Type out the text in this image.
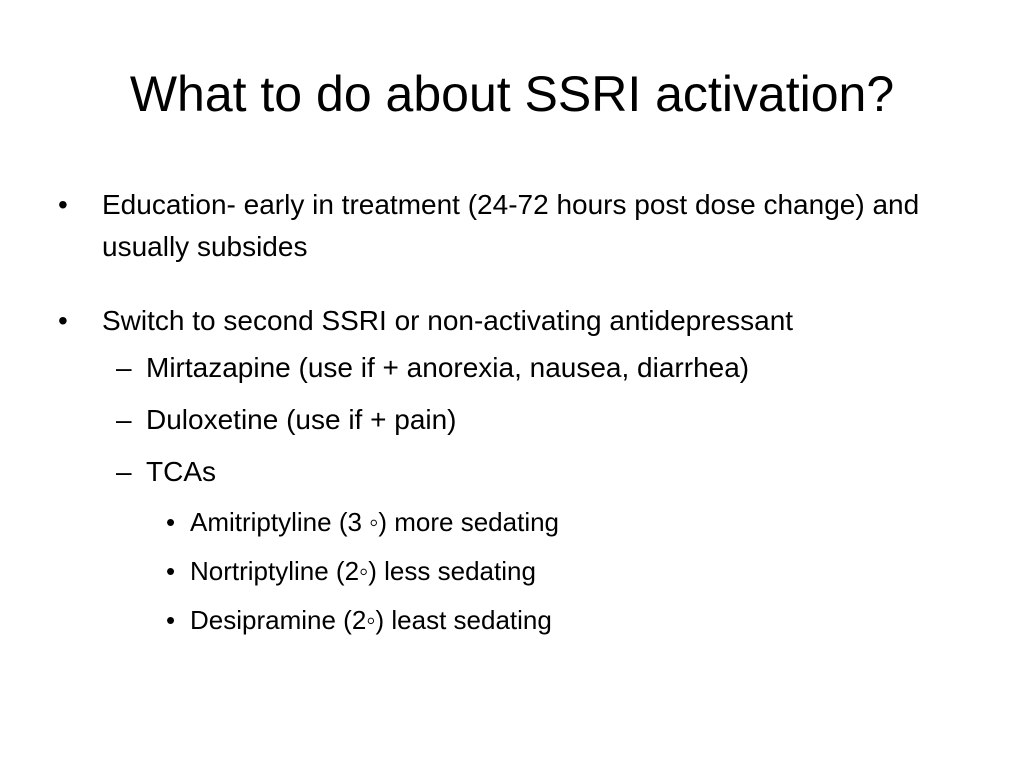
What to do about SSRI activation?
•	Education- early in treatment (24-72 hours post dose change) and usually subsides
•	Switch to second SSRI or non-activating antidepressant
– Mirtazapine (use if + anorexia, nausea, diarrhea)
– Duloxetine (use if + pain)
– TCAs
• Amitriptyline (3 ◦) more sedating
• Nortriptyline (2◦) less sedating
• Desipramine (2◦) least sedating
